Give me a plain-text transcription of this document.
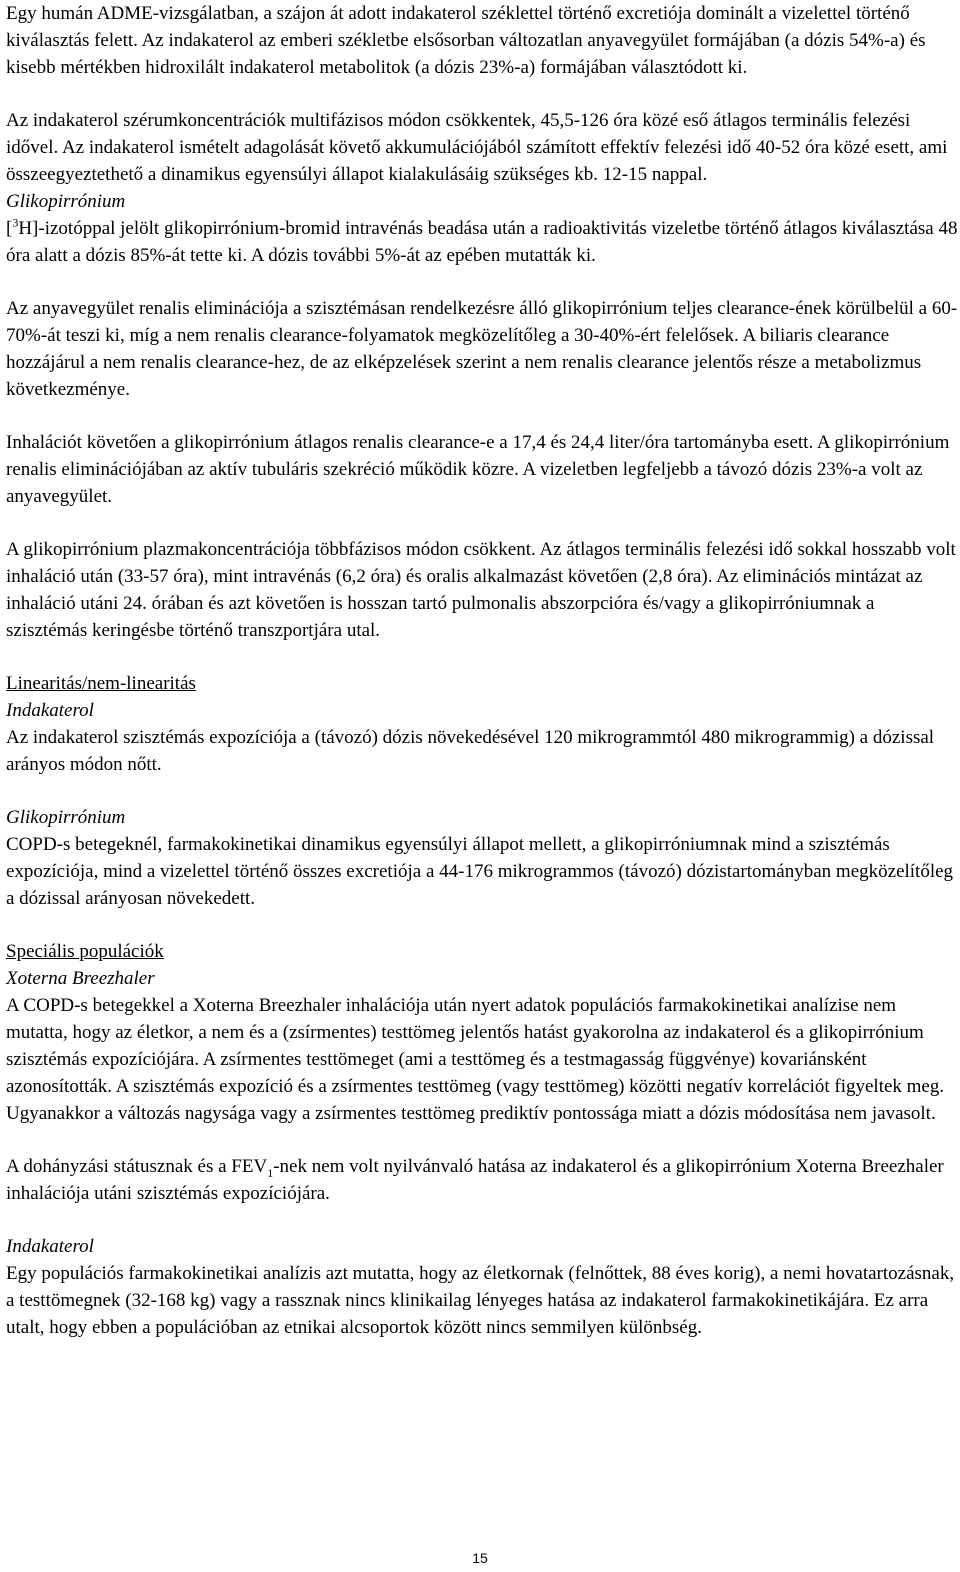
Egy humán ADME-vizsgálatban, a szájon át adott indakaterol széklettel történő excretiója dominált a vizelettel történő kiválasztás felett. Az indakaterol az emberi székletbe elsősorban változatlan anyavegyület formájában (a dózis 54%-a) és kisebb mértékben hidroxilált indakaterol metabolitok (a dózis 23%-a) formájában választódott ki.

Az indakaterol szérumkoncentrációk multifázisos módon csökkentek, 45,5-126 óra közé eső átlagos terminális felezési idővel. Az indakaterol ismételt adagolását követő akkumulációjából számított effektív felezési idő 40-52 óra közé esett, ami összeegyeztethető a dinamikus egyensúlyi állapot kialakulásáig szükséges kb. 12-15 nappal.

Glikopirrónium

[$^3$H]-izotóppal jelölt glikopirrónium-bromid intravénás beadása után a radioaktivitás vizeletbe történő átlagos kiválasztása 48 óra alatt a dózis 85%-át tette ki. A dózis további 5%-át az epében mutatták ki.

Az anyavegyület renalis eliminációja a szisztémásan rendelkezésre álló glikopirrónium teljes clearance-ének körülbelül a 60-70%-át teszi ki, míg a nem renalis clearance-folyamatok megközelítőleg a 30-40%-ért felelősek. A biliaris clearance hozzájárul a nem renalis clearance-hez, de az elképzelések szerint a nem renalis clearance jelentős része a metabolizmus következménye.

Inhalációt követően a glikopirrónium átlagos renalis clearance-e a 17,4 és 24,4 liter/óra tartományba esett. A glikopirrónium renalis eliminációjában az aktív tubuláris szekréció működik közre. A vizeletben legfeljebb a távozó dózis 23%-a volt az anyavegyület.

A glikopirrónium plazmakoncentrációja többfázisos módon csökkent. Az átlagos terminális felezési idő sokkal hosszabb volt inhaláció után (33-57 óra), mint intravénás (6,2 óra) és oralis alkalmazást követően (2,8 óra). Az eliminációs mintázat az inhaláció utáni 24. órában és azt követően is hosszan tartó pulmonalis abszorpcióra és/vagy a glikopirróniumnak a szisztémás keringésbe történő transzportjára utal.

Linearitás/nem-linearitás

Indakaterol

Az indakaterol szisztémás expozíciója a (távozó) dózis növekedésével 120 mikrogrammtól 480 mikrogrammig) a dózissal arányos módon nőtt.

Glikopirrónium

COPD-s betegeknél, farmakokinetikai dinamikus egyensúlyi állapot mellett, a glikopirróniumnak mind a szisztémás expozíciója, mind a vizelettel történő összes excretiója a 44-176 mikrogrammos (távozó) dózistartományban megközelítőleg a dózissal arányosan növekedett.

Speciális populációk

Xoterna Breezhaler

A COPD-s betegekkel a Xoterna Breezhaler inhalációja után nyert adatok populációs farmakokinetikai analízise nem mutatta, hogy az életkor, a nem és a (zsírmentes) testtömeg jelentős hatást gyakorolna az indakaterol és a glikopirrónium szisztémás expozíciójára. A zsírmentes testtömeget (ami a testtömeg és a testmagasság függvénye) kovariánsként azonosították. A szisztémás expozíció és a zsírmentes testtömeg (vagy testtömeg) közötti negatív korrelációt figyeltek meg. Ugyanakkor a változás nagysága vagy a zsírmentes testtömeg prediktív pontossága miatt a dózis módosítása nem javasolt.

A dohányzási státusznak és a $FEV_1$-nek nem volt nyilvánvaló hatása az indakaterol és a glikopirrónium Xoterna Breezhaler inhalációja utáni szisztémás expozíciójára.

Indakaterol

Egy populációs farmakokinetikai analízis azt mutatta, hogy az életkornak (felnőttek, 88 éves korig), a nemi hovatartozásnak, a testtömegnek (32-168 kg) vagy a rassznak nincs klinikailag lényeges hatása az indakaterol farmakokinetikájára. Ez arra utalt, hogy ebben a populációban az etnikai alcsoportok között nincs semmilyen különbség.

15
